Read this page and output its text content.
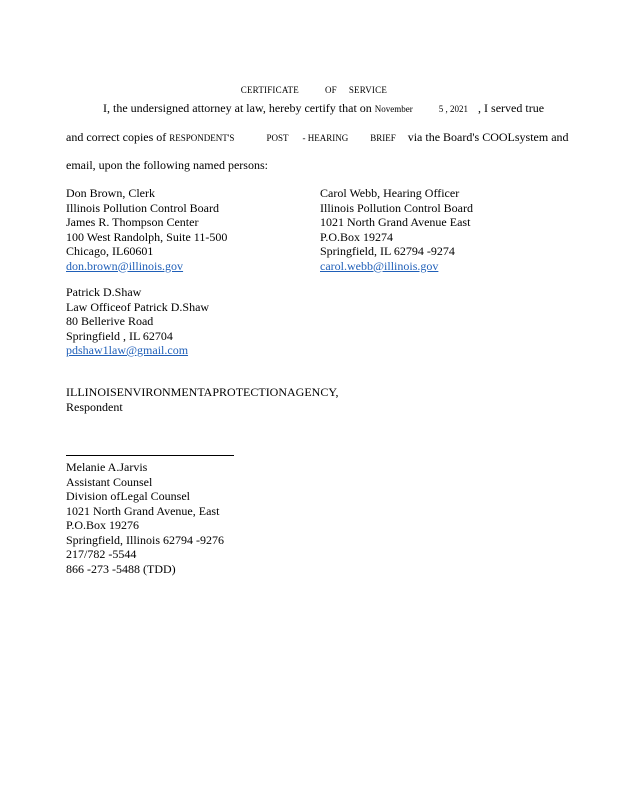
CERTIFICATE	OF SERVICE

I, the undersigned attorney at law, hereby certify that on November	5 , 2021 , I served true
and correct copies of RESPONDENT'S	POST - HEARING BRIEF via the Board's COOLsystem and
email, upon the following named persons:
Don Brown, Clerk
Illinois Pollution Control Board
James R. Thompson Center
100 West Randolph, Suite 11-500
Chicago, IL60601
don.brown@illinois.gov
Carol Webb, Hearing Officer
Illinois Pollution Control Board
1021 North Grand Avenue East
P.O.Box 19274
Springfield, IL 62794 -9274
carol.webb@illinois.gov
Patrick D.Shaw
Law Officeof Patrick D.Shaw
80 Bellerive Road
Springfield , IL 62704
pdshaw1law@gmail.com
ILLINOISENVIRONMENTAPROTECTIONAGENCY,
Respondent
Melanie A.Jarvis
Assistant Counsel
Division ofLegal Counsel
1021 North Grand Avenue, East
P.O.Box 19276
Springfield, Illinois 62794 -9276
217/782 -5544
866 -273 -5488 (TDD)
